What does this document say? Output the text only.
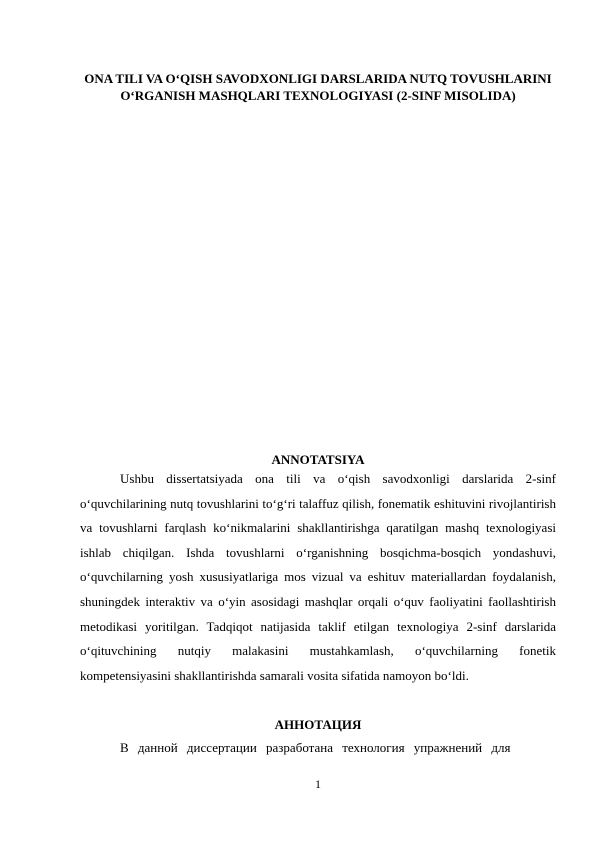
ONA TILI VA O‘QISH SAVODXONLIGI DARSLARIDA NUTQ TOVUSHLARINI O‘RGANISH MASHQLARI TEXNOLOGIYASI (2-SINF MISOLIDA)
ANNOTATSIYA
Ushbu dissertatsiyada ona tili va o‘qish savodxonligi darslarida 2-sinf o‘quvchilarining nutq tovushlarini to‘g‘ri talaffuz qilish, fonematik eshituvini rivojlantirish va tovushlarni farqlash ko‘nikmalarini shakllantirishga qaratilgan mashq texnologiyasi ishlab chiqilgan. Ishda tovushlarni o‘rganishning bosqichma-bosqich yondashuvi, o‘quvchilarning yosh xususiyatlariga mos vizual va eshituv materiallardan foydalanish, shuningdek interaktiv va o‘yin asosidagi mashqlar orqali o‘quv faoliyatini faollashtirish metodikasi yoritilgan. Tadqiqot natijasida taklif etilgan texnologiya 2-sinf darslarida o‘qituvchining nutqiy malakasini mustahkamlash, o‘quvchilarning fonetik kompetensiyasini shakllantirishda samarali vosita sifatida namoyon bo‘ldi.
АННОТАЦИЯ
В данной диссертации разработана технология упражнений для
1
